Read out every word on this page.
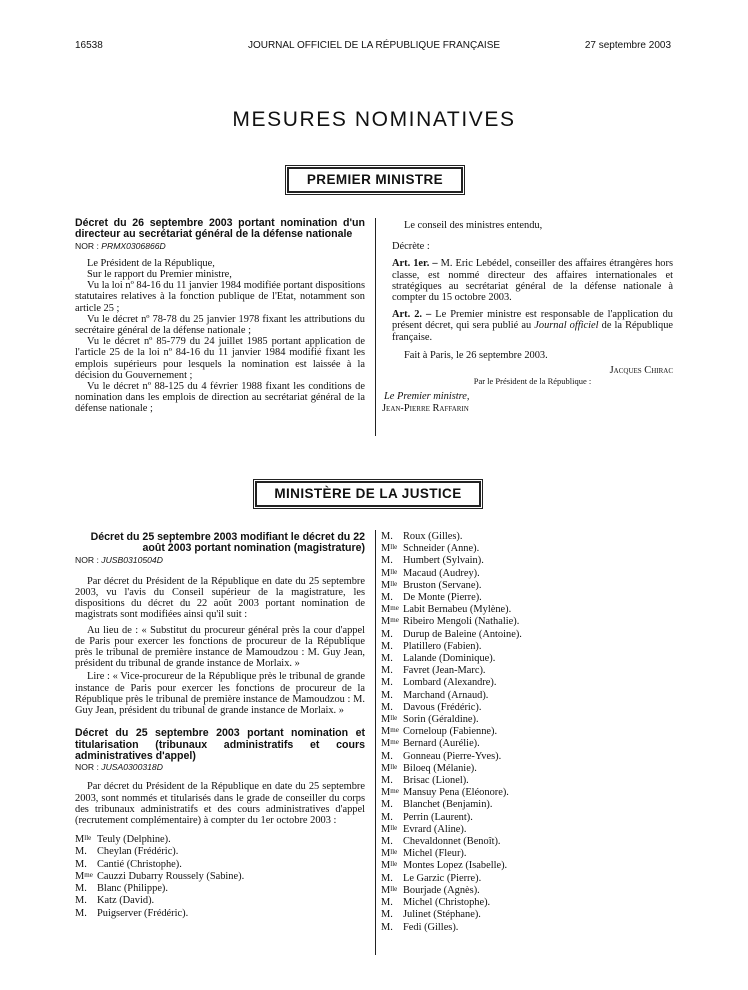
16538	JOURNAL OFFICIEL DE LA RÉPUBLIQUE FRANÇAISE	27 septembre 2003
MESURES NOMINATIVES
PREMIER MINISTRE

Décret du 26 septembre 2003 portant nomination d'un directeur au secrétariat général de la défense nationale

NOR : PRMX0306866D

Le Président de la République,

Sur le rapport du Premier ministre,

Vu la loi nº 84-16 du 11 janvier 1984 modifiée portant dispositions statutaires relatives à la fonction publique de l'Etat, notamment son article 25 ;

Vu le décret nº 78-78 du 25 janvier 1978 fixant les attributions du secrétaire général de la défense nationale ;

Vu le décret nº 85-779 du 24 juillet 1985 portant application de l'article 25 de la loi nº 84-16 du 11 janvier 1984 modifié fixant les emplois supérieurs pour lesquels la nomination est laissée à la décision du Gouvernement ;

Vu le décret nº 88-125 du 4 février 1988 fixant les conditions de nomination dans les emplois de direction au secrétariat général de la défense nationale ;

Le conseil des ministres entendu,

Décrète :

Art. 1er. – M. Eric Lebédel, conseiller des affaires étrangères hors classe, est nommé directeur des affaires internationales et stratégiques au secrétariat général de la défense nationale à compter du 15 octobre 2003.

Art. 2. – Le Premier ministre est responsable de l'application du présent décret, qui sera publié au Journal officiel de la République française.

Fait à Paris, le 26 septembre 2003.

Jacques Chirac

Par le Président de la République :

Le Premier ministre,

Jean-Pierre Raffarin

MINISTÈRE DE LA JUSTICE

Décret du 25 septembre 2003 modifiant le décret du 22 août 2003 portant nomination (magistrature)

NOR : JUSB0310504D

Par décret du Président de la République en date du 25 septembre 2003, vu l'avis du Conseil supérieur de la magistrature, les dispositions du décret du 22 août 2003 portant nomination de magistrats sont modifiées ainsi qu'il suit :

Au lieu de : « Substitut du procureur général près la cour d'appel de Paris pour exercer les fonctions de procureur de la République près le tribunal de première instance de Mamoudzou : M. Guy Jean, président du tribunal de grande instance de Morlaix. »

Lire : « Vice-procureur de la République près le tribunal de grande instance de Paris pour exercer les fonctions de procureur de la République près le tribunal de première instance de Mamoudzou : M. Guy Jean, président du tribunal de grande instance de Morlaix. »

Décret du 25 septembre 2003 portant nomination et titularisation (tribunaux administratifs et cours administratives d'appel)

NOR : JUSA0300318D

Par décret du Président de la République en date du 25 septembre 2003, sont nommés et titularisés dans le grade de conseiller du corps des tribunaux administratifs et des cours administratives d'appel (recrutement complémentaire) à compter du 1er octobre 2003 :

$M^{lle}$ Teuly (Delphine).
M. Cheylan (Frédéric).
M. Cantié (Christophe).
$M^{me}$ Cauzzi Dubarry Roussely (Sabine).
M. Blanc (Philippe).
M. Katz (David).
M. Puigserver (Frédéric).
M. Roux (Gilles).
$M^{lle}$ Schneider (Anne).
M. Humbert (Sylvain).
$M^{lle}$ Macaud (Audrey).
$M^{lle}$ Bruston (Servane).
M. De Monte (Pierre).
$M^{me}$ Labit Bernabeu (Mylène).
$M^{me}$ Ribeiro Mengoli (Nathalie).
M. Durup de Baleine (Antoine).
M. Platillero (Fabien).
M. Lalande (Dominique).
M. Favret (Jean-Marc).
M. Lombard (Alexandre).
M. Marchand (Arnaud).
M. Davous (Frédéric).
$M^{lle}$ Sorin (Géraldine).
$M^{me}$ Corneloup (Fabienne).
$M^{me}$ Bernard (Aurélie).
M. Gonneau (Pierre-Yves).
$M^{lle}$ Biloeq (Mélanie).
M. Brisac (Lionel).
$M^{me}$ Mansuy Pena (Eléonore).
M. Blanchet (Benjamin).
M. Perrin (Laurent).
$M^{lle}$ Evrard (Aline).
M. Chevaldonnet (Benoît).
$M^{lle}$ Michel (Fleur).
$M^{lle}$ Montes Lopez (Isabelle).
M. Le Garzic (Pierre).
$M^{lle}$ Bourjade (Agnès).
M. Michel (Christophe).
M. Julinet (Stéphane).
M. Fedi (Gilles).
